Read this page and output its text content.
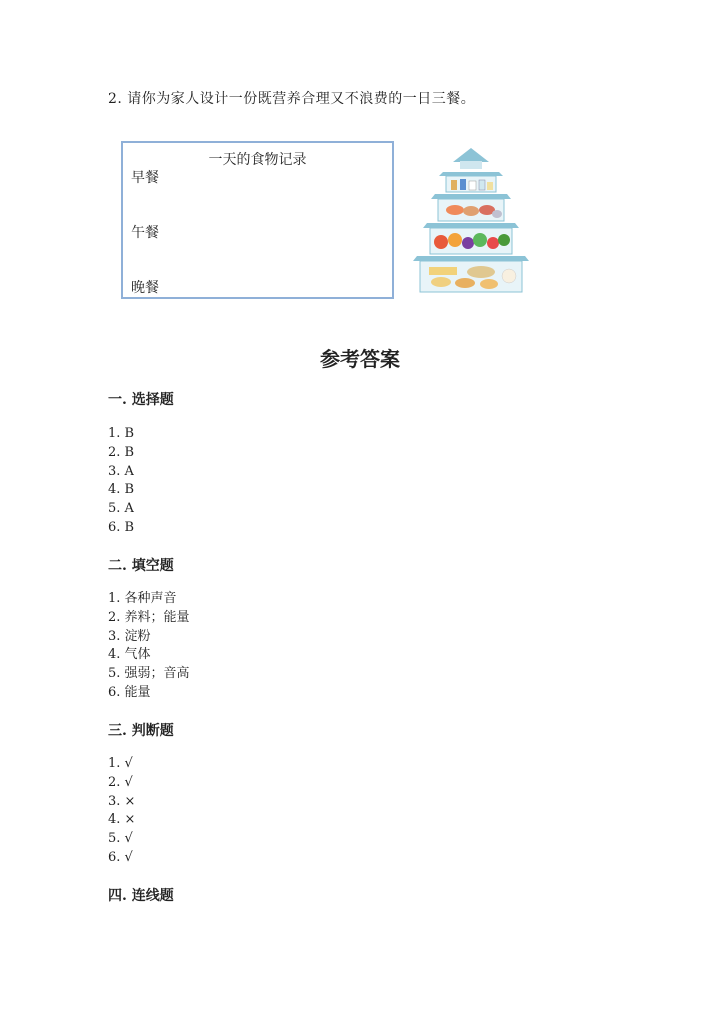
2. 请你为家人设计一份既营养合理又不浪费的一日三餐。
一天的食物记录
早餐
午餐
晚餐
参考答案
一. 选择题
1. B
2. B
3. A
4. B
5. A
6. B
二. 填空题
1. 各种声音
2. 养料；能量
3. 淀粉
4. 气体
5. 强弱；音高
6. 能量
三. 判断题
1. √
2. √
3. ×
4. ×
5. √
6. √
四. 连线题
